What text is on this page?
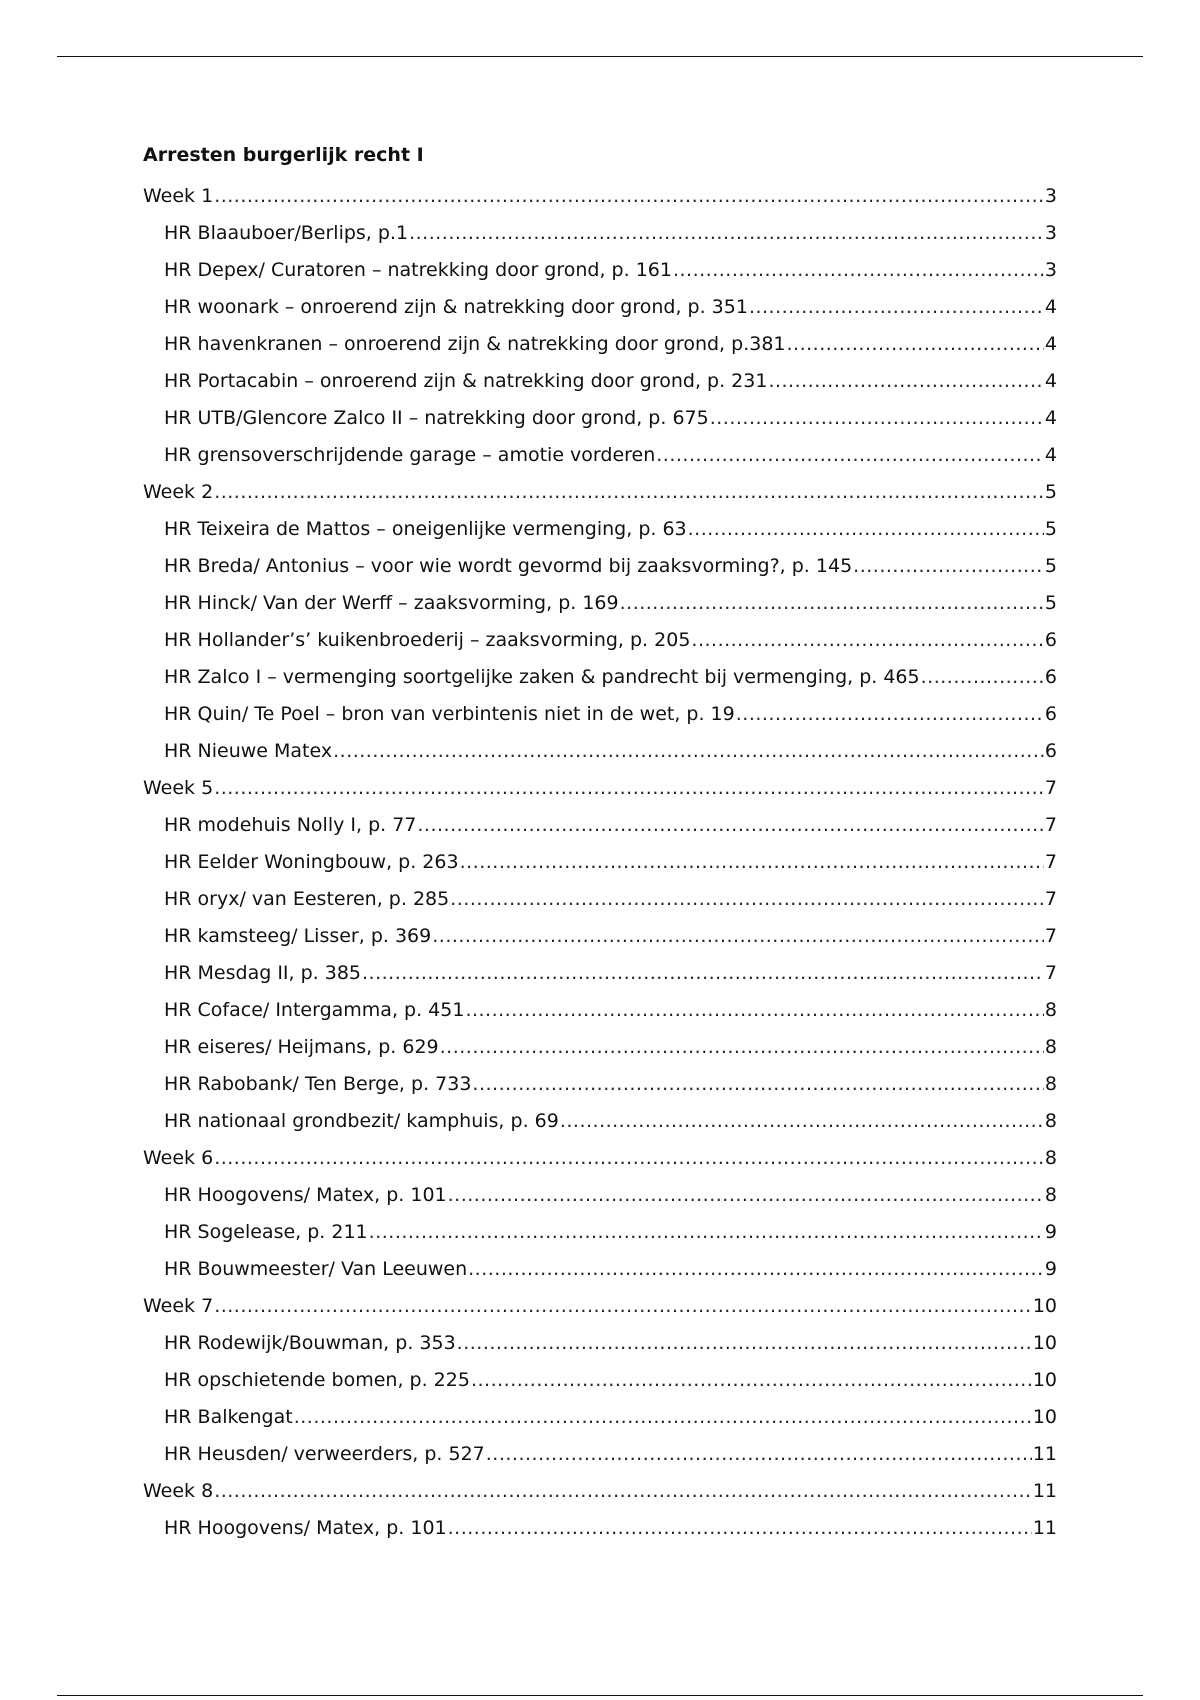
Arresten burgerlijk recht I
Week 1 .....	3
HR Blaauboer/Berlips, p.1 .....	3
HR Depex/ Curatoren – natrekking door grond, p. 161 .....	3
HR woonark – onroerend zijn & natrekking door grond, p. 351 .....	4
HR havenkranen – onroerend zijn & natrekking door grond, p.381 .....	4
HR Portacabin – onroerend zijn & natrekking door grond, p. 231 .....	4
HR UTB/Glencore Zalco II – natrekking door grond, p. 675 .....	4
HR grensoverschrijdende garage – amotie vorderen .....	4
Week 2 .....	5
HR Teixeira de Mattos – oneigenlijke vermenging, p. 63 .....	5
HR Breda/ Antonius – voor wie wordt gevormd bij zaaksvorming?, p. 145 .....	5
HR Hinck/ Van der Werff – zaaksvorming, p. 169 .....	5
HR Hollander’s’ kuikenbroederij – zaaksvorming, p. 205 .....	6
HR Zalco I – vermenging soortgelijke zaken & pandrecht bij vermenging, p. 465 .....	6
HR Quin/ Te Poel – bron van verbintenis niet in de wet, p. 19 .....	6
HR Nieuwe Matex .....	6
Week 5 .....	7
HR modehuis Nolly I, p. 77 .....	7
HR Eelder Woningbouw, p. 263 .....	7
HR oryx/ van Eesteren, p. 285 .....	7
HR kamsteeg/ Lisser, p. 369 .....	7
HR Mesdag II, p. 385 .....	7
HR Coface/ Intergamma, p. 451 .....	8
HR eiseres/ Heijmans, p. 629 .....	8
HR Rabobank/ Ten Berge, p. 733 .....	8
HR nationaal grondbezit/ kamphuis, p. 69 .....	8
Week 6 .....	8
HR Hoogovens/ Matex, p. 101 .....	8
HR Sogelease, p. 211 .....	9
HR Bouwmeester/ Van Leeuwen .....	9
Week 7 .....	10
HR Rodewijk/Bouwman, p. 353 .....	10
HR opschietende bomen, p. 225 .....	10
HR Balkengat .....	10
HR Heusden/ verweerders, p. 527 .....	11
Week 8 .....	11
HR Hoogovens/ Matex, p. 101 .....	11
